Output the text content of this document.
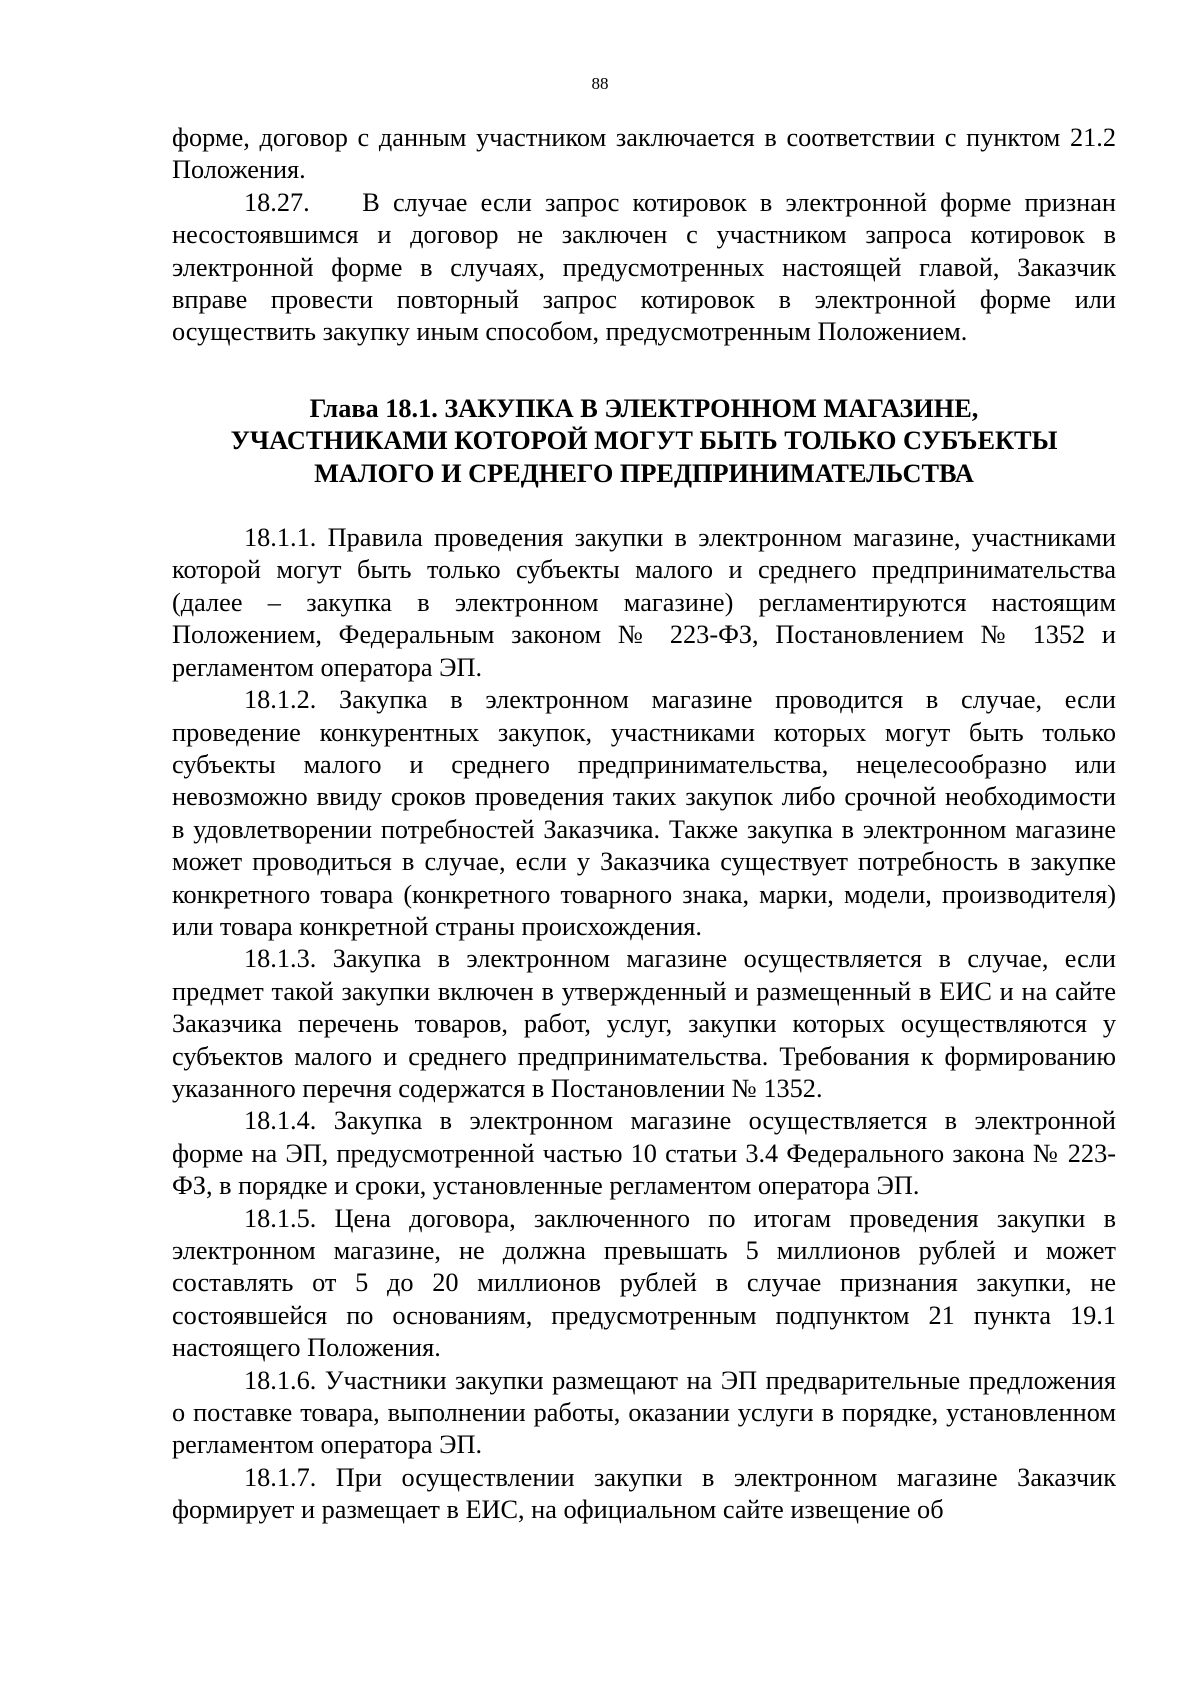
88

форме, договор с данным участником заключается в соответствии с пунктом 21.2 Положения.

18.27.    В случае если запрос котировок в электронной форме признан несостоявшимся и договор не заключен с участником запроса котировок в электронной форме в случаях, предусмотренных настоящей главой, Заказчик вправе провести повторный запрос котировок в электронной форме или осуществить закупку иным способом, предусмотренным Положением.

Глава 18.1. ЗАКУПКА В ЭЛЕКТРОННОМ МАГАЗИНЕ,
УЧАСТНИКАМИ КОТОРОЙ МОГУТ БЫТЬ ТОЛЬКО СУБЪЕКТЫ
МАЛОГО И СРЕДНЕГО ПРЕДПРИНИМАТЕЛЬСТВА

18.1.1. Правила проведения закупки в электронном магазине, участниками которой могут быть только субъекты малого и среднего предпринимательства (далее – закупка в электронном магазине) регламентируются настоящим Положением, Федеральным законом № 223-ФЗ, Постановлением № 1352 и регламентом оператора ЭП.

18.1.2. Закупка в электронном магазине проводится в случае, если проведение конкурентных закупок, участниками которых могут быть только субъекты малого и среднего предпринимательства, нецелесообразно или невозможно ввиду сроков проведения таких закупок либо срочной необходимости в удовлетворении потребностей Заказчика. Также закупка в электронном магазине может проводиться в случае, если у Заказчика существует потребность в закупке конкретного товара (конкретного товарного знака, марки, модели, производителя) или товара конкретной страны происхождения.

18.1.3. Закупка в электронном магазине осуществляется в случае, если предмет такой закупки включен в утвержденный и размещенный в ЕИС и на сайте Заказчика перечень товаров, работ, услуг, закупки которых осуществляются у субъектов малого и среднего предпринимательства. Требования к формированию указанного перечня содержатся в Постановлении № 1352.

18.1.4. Закупка в электронном магазине осуществляется в электронной форме на ЭП, предусмотренной частью 10 статьи 3.4 Федерального закона № 223-ФЗ, в порядке и сроки, установленные регламентом оператора ЭП.

18.1.5. Цена договора, заключенного по итогам проведения закупки в электронном магазине, не должна превышать 5 миллионов рублей и может составлять от 5 до 20 миллионов рублей в случае признания закупки, не состоявшейся по основаниям, предусмотренным подпунктом 21 пункта 19.1 настоящего Положения.

18.1.6. Участники закупки размещают на ЭП предварительные предложения о поставке товара, выполнении работы, оказании услуги в порядке, установленном регламентом оператора ЭП.

18.1.7. При осуществлении закупки в электронном магазине Заказчик формирует и размещает в ЕИС, на официальном сайте извещение об
